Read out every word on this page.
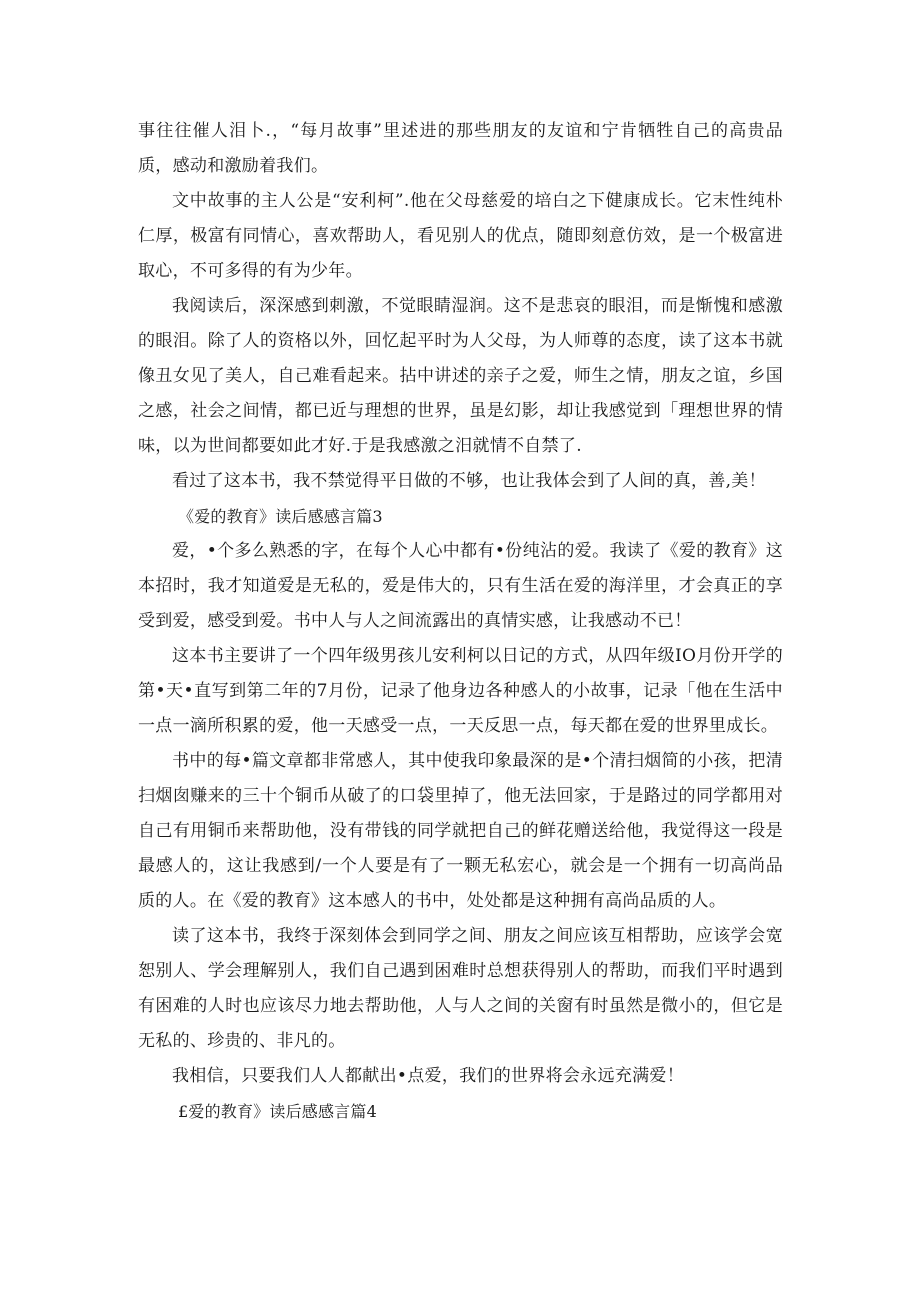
事往往催人泪卜.，“每月故事”里述进的那些朋友的友谊和宁肯牺牲自己的高贵品质，感动和激励着我们。

文中故事的主人公是“安利柯”.他在父母慈爱的培白之下健康成长。它末性纯朴仁厚，极富有同情心，喜欢帮助人，看见别人的优点，随即刻意仿效，是一个极富进取心，不可多得的有为少年。

我阅读后，深深感到刺激，不觉眼睛湿润。这不是悲哀的眼泪，而是惭愧和感激的眼泪。除了人的资格以外，回忆起平时为人父母，为人师尊的态度，读了这本书就像丑女见了美人，自己难看起来。拈中讲述的亲子之爱，师生之情，朋友之谊，乡国之感，社会之间情，都已近与理想的世界，虽是幻影，却让我感觉到「理想世界的情味，以为世间都要如此才好.于是我感激之汨就情不自禁了.

看过了这本书，我不禁觉得平日做的不够，也让我体会到了人间的真，善,美！

《爱的教育》读后感感言篇3

爱，•个多么熟悉的字，在每个人心中都有•份纯沾的爱。我读了《爱的教育》这本招时，我才知道爱是无私的，爱是伟大的，只有生活在爱的海洋里，才会真正的享受到爱，感受到爱。书中人与人之间流露出的真情实感，让我感动不已！

这本书主要讲了一个四年级男孩儿安利柯以日记的方式，从四年级IO月份开学的第•天•直写到第二年的7月份，记录了他身边各种感人的小故事，记录「他在生活中一点一滴所积累的爱，他一天感受一点，一天反思一点，每天都在爱的世界里成长。

书中的每•篇文章都非常感人，其中使我印象最深的是•个清扫烟简的小孩，把清扫烟囱赚来的三十个铜币从破了的口袋里掉了，他无法回家，于是路过的同学都用对自己有用铜币来帮助他，没有带钱的同学就把自己的鲜花赠送给他，我觉得这一段是最感人的，这让我感到/一个人要是有了一颗无私宏心，就会是一个拥有一切高尚品质的人。在《爱的教育》这本感人的书中，处处都是这种拥有高尚品质的人。

读了这本书，我终于深刻体会到同学之间、朋友之间应该互相帮助，应该学会宽恕别人、学会理解别人，我们自己遇到困难时总想获得别人的帮助，而我们平时遇到有困难的人时也应该尽力地去帮助他，人与人之间的关窗有时虽然是微小的，但它是无私的、珍贵的、非凡的。

我相信，只要我们人人都献出•点爱，我们的世界将会永远充满爱！

£爱的教育》读后感感言篇4
